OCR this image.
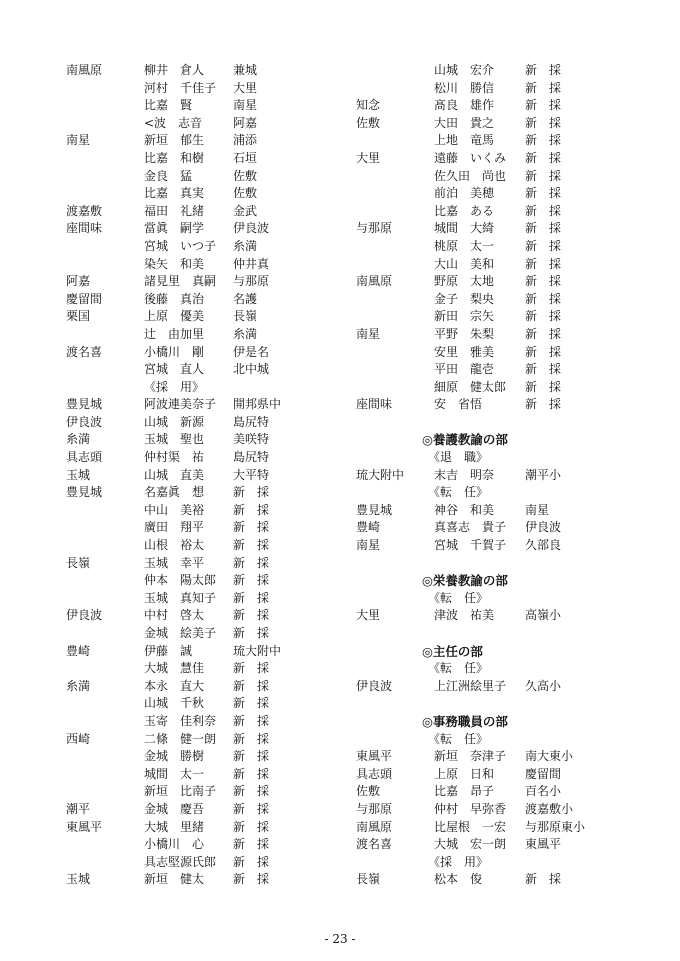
南風原	柳井　倉人 兼城
河村　千佳子 大里
比嘉　賢	南星
<波　志音	阿嘉
南星	新垣　郁生 浦添
比嘉　和樹 石垣
金良　猛	佐敷
比嘉　真実 佐敷
渡嘉敷	福田　礼緒 金武
座間味	當眞　嗣学 伊良波
宮城　いつ子 糸満
染矢　和美 仲井真
阿嘉	諸見里　真嗣 与那原
慶留間	後藤　真治 名護
栗国	上原　優美 長嶺
辻　由加里 糸満
渡名喜	小橋川　剛 伊是名
宮城　直人 北中城
《採　用》
豊見城	阿波連美奈子 開邦県中
伊良波	山城　新源 島尻特
糸満	玉城　聖也 美咲特
具志頭	仲村渠　祐 島尻特
玉城	山城　直美 大平特
豊見城	名嘉眞　想 新　採
中山　美裕 新　採
廣田　翔平 新　採
山根　裕太 新　採
長嶺	玉城　幸平 新　採
仲本　陽太郎 新　採
玉城　真知子 新　採
伊良波	中村　啓太 新　採
金城　絵美子 新　採
豊崎	伊藤　誠	琉大附中
大城　慧佳 新　採
糸満	本永　直大 新　採
山城　千秋 新　採
玉寄　佳利奈 新　採
西崎	二條　健一朗 新　採
金城　勝樹 新　採
城間　太一 新　採
新垣　比南子 新　採
潮平	金城　慶吾 新　採
東風平	大城　里緒 新　採
小橋川　心 新　採
具志堅源氏郎 新　採
玉城	新垣　健太 新　採
山城　宏介	新　採
松川　勝信	新　採
知念	髙良　雄作	新　採
佐敷	大田　貴之	新　採
上地　竜馬	新　採
大里	遠藤　いくみ 新　採
佐久田　尚也 新　採
前泊　美穂	新　採
比嘉　ある	新　採
与那原	城間　大綺	新　採
桃原　太一	新　採
大山　美和	新　採
南風原	野原　太地	新　採
金子　梨央	新　採
新田　宗矢	新　採
南星	平野　朱梨	新　採
安里　雅美	新　採
平田　龍壱	新　採
細原　健太郎 新　採
座間味	安　省悟	新　採
◎養護教諭の部
《退　職》
琉大附中 末吉　明奈	潮平小
《転　任》
豊見城	神谷　和美	南星
豊崎	真喜志　貴子 伊良波
南星	宮城　千賀子 久部良
◎栄養教諭の部
《転　任》
大里	津波　祐美	高嶺小
◎主任の部
《転　任》
伊良波	上江洲絵里子 久高小
◎事務職員の部
《転　任》
東風平	新垣　奈津子 南大東小
具志頭	上原　日和	慶留間
佐敷	比嘉　昂子	百名小
与那原	仲村　早弥香 渡嘉敷小
南風原	比屋根　一宏 与那原東小
渡名喜	大城　宏一朗 東風平
《採　用》
長嶺	松本　俊	新　採
- 23 -
